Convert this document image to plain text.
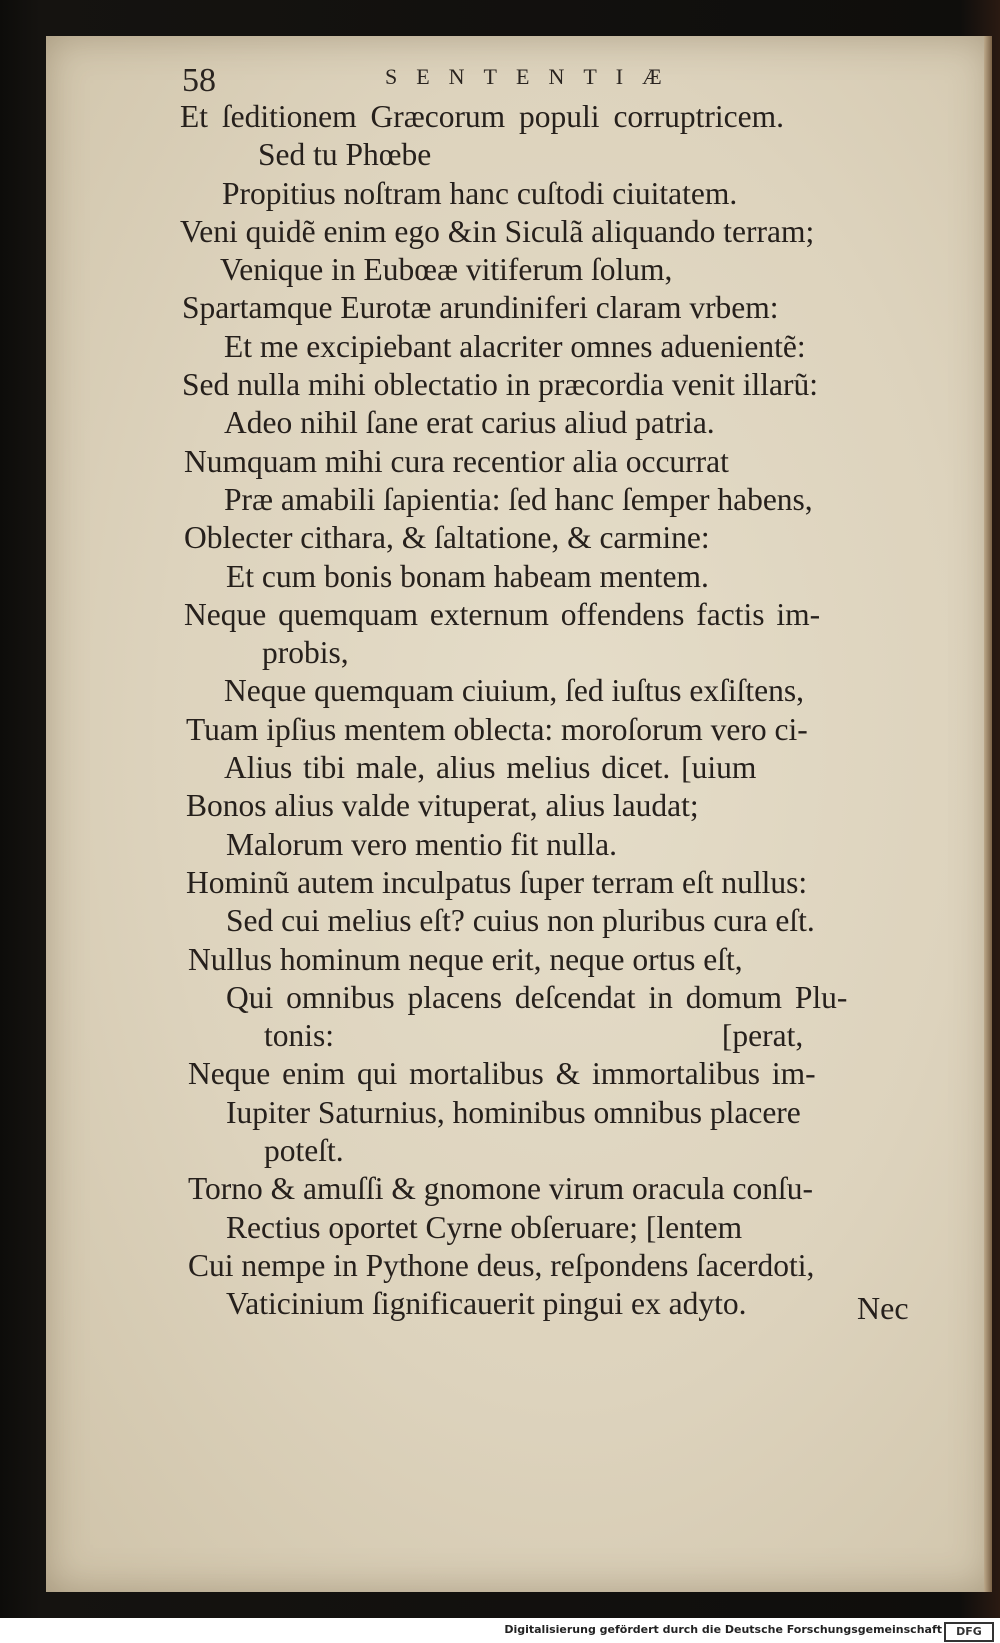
58	SENTENTIÆ
Et ſeditionem Græcorum populi corruptricem.
Sed tu Phœbe
Propitius noſtram hanc cuſtodi ciuitatem.
Veni quidẽ enim ego &in Siculã aliquando terram;
Venique in Eubœæ vitiferum ſolum,
Spartamque Eurotæ arundiniferi claram vrbem:
Et me excipiebant alacriter omnes aduenientẽ:
Sed nulla mihi oblectatio in præcordia venit illarũ:
Adeo nihil ſane erat carius aliud patria.
Numquam mihi cura recentior alia occurrat
Præ amabili ſapientia: ſed hanc ſemper habens,
Oblecter cithara, & ſaltatione, & carmine:
Et cum bonis bonam habeam mentem.
Neque quemquam externum offendens factis im-
probis,
Neque quemquam ciuium, ſed iuſtus exſiſtens,
Tuam ipſius mentem oblecta: moroſorum vero ci-
Alius tibi male, alius melius dicet. [uium
Bonos alius valde vituperat, alius laudat;
Malorum vero mentio fit nulla.
Hominũ autem inculpatus ſuper terram eſt nullus:
Sed cui melius eſt? cuius non pluribus cura eſt.
Nullus hominum neque erit, neque ortus eſt,
Qui omnibus placens deſcendat in domum Plu-
tonis: [perat,
Neque enim qui mortalibus & immortalibus im-
Iupiter Saturnius, hominibus omnibus placere
poteſt.
Torno & amuſſi & gnomone virum oracula conſu-
Rectius oportet Cyrne obſeruare; [lentem
Cui nempe in Pythone deus, reſpondens ſacerdoti,
Vaticinium ſignificauerit pingui ex adyto.	Nec
Digitalisierung gefördert durch die Deutsche Forschungsgemeinschaft	DFG
